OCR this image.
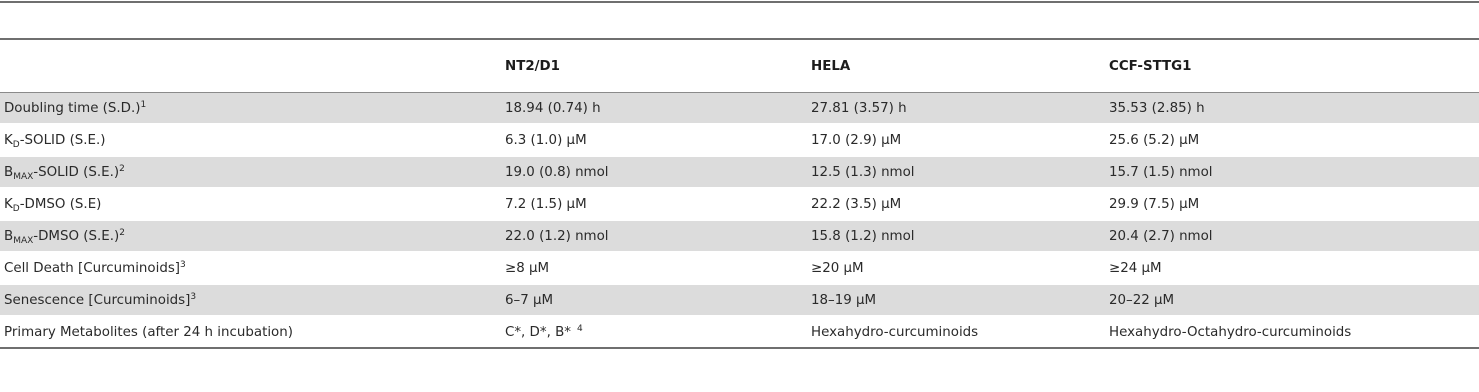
	NT2/D1	HELA	CCF-STTG1
Doubling time $(S.D.)^1$	18.94 (0.74) h	27.81 (3.57) h	35.53 (2.85) h
$K_D$-SOLID (S.E.)	6.3 (1.0) μM	17.0 (2.9) μM	25.6 (5.2) μM
$B_{MAX}$-SOLID $(S.E.)^2$	19.0 (0.8) nmol	12.5 (1.3) nmol	15.7 (1.5) nmol
$K_D$-DMSO (S.E)	7.2 (1.5) μM	22.2 (3.5) μM	29.9 (7.5) μM
$B_{MAX}$-DMSO $(S.E.)^2$	22.0 (1.2) nmol	15.8 (1.2) nmol	20.4 (2.7) nmol
Cell Death [Curcuminoids]$^3$	≥8 μM	≥20 μM	≥24 μM
Senescence [Curcuminoids]$^3$	6–7 μM	18–19 μM	20–22 μM
Primary Metabolites (after 24 h incubation)	C*, D*, B* $^4$	Hexahydro-curcuminoids	Hexahydro-Octahydro-curcuminoids
